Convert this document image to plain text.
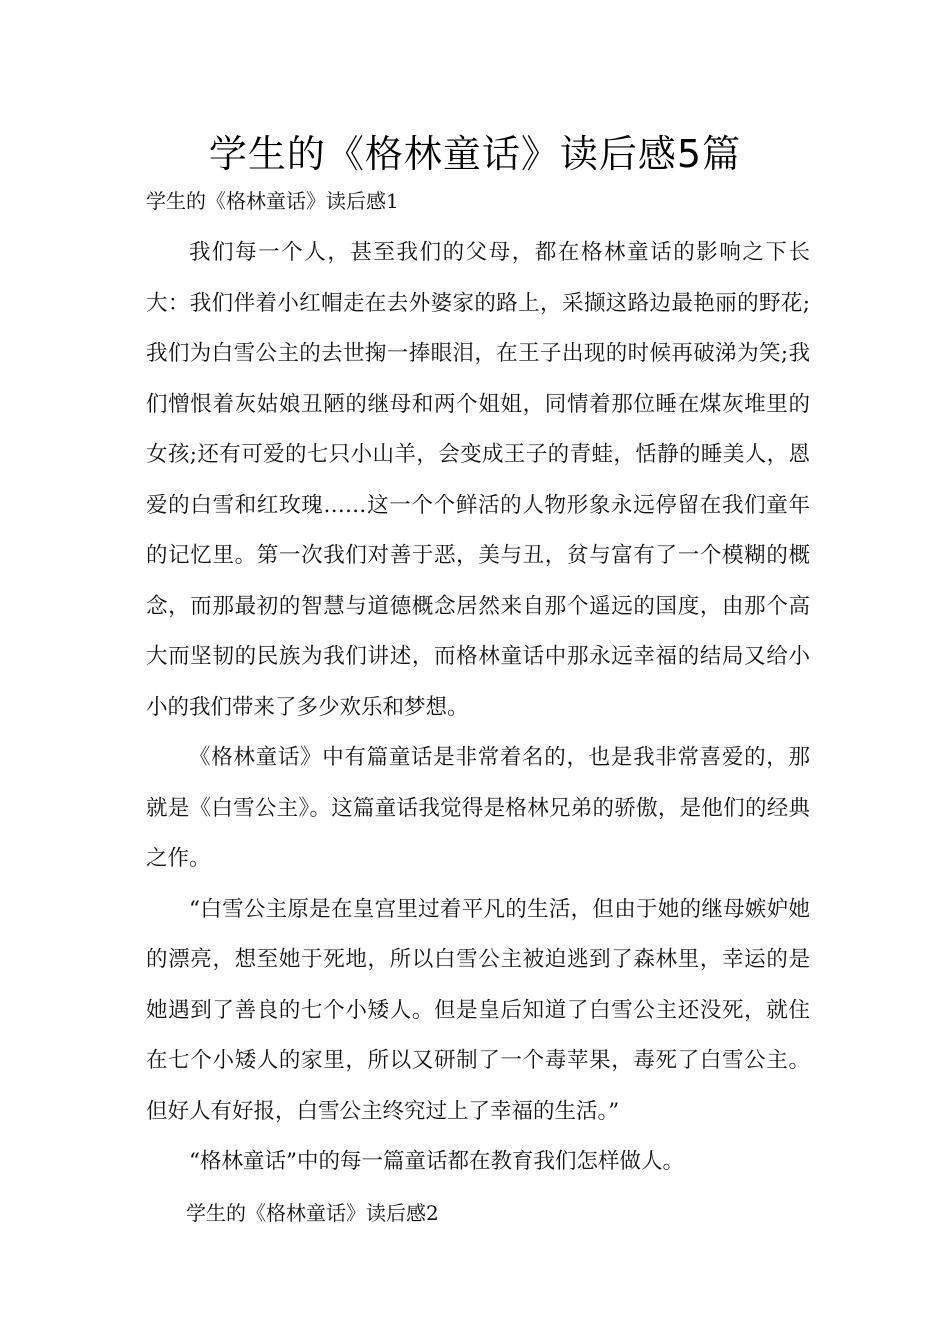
学生的《格林童话》读后感5篇
学生的《格林童话》读后感1

我们每一个人，甚至我们的父母，都在格林童话的影响之下长大：我们伴着小红帽走在去外婆家的路上，采撷这路边最艳丽的野花;我们为白雪公主的去世掬一捧眼泪，在王子出现的时候再破涕为笑;我们憎恨着灰姑娘丑陋的继母和两个姐姐，同情着那位睡在煤灰堆里的女孩;还有可爱的七只小山羊，会变成王子的青蛙，恬静的睡美人，恩爱的白雪和红玫瑰……这一个个鲜活的人物形象永远停留在我们童年的记忆里。第一次我们对善于恶，美与丑，贫与富有了一个模糊的概念，而那最初的智慧与道德概念居然来自那个遥远的国度，由那个高大而坚韧的民族为我们讲述，而格林童话中那永远幸福的结局又给小小的我们带来了多少欢乐和梦想。

《格林童话》中有篇童话是非常着名的，也是我非常喜爱的，那就是《白雪公主》。这篇童话我觉得是格林兄弟的骄傲，是他们的经典之作。

“白雪公主原是在皇宫里过着平凡的生活，但由于她的继母嫉妒她的漂亮，想至她于死地，所以白雪公主被迫逃到了森林里，幸运的是她遇到了善良的七个小矮人。但是皇后知道了白雪公主还没死，就住在七个小矮人的家里，所以又研制了一个毒苹果，毒死了白雪公主。但好人有好报，白雪公主终究过上了幸福的生活。”

“格林童话”中的每一篇童话都在教育我们怎样做人。

学生的《格林童话》读后感2
